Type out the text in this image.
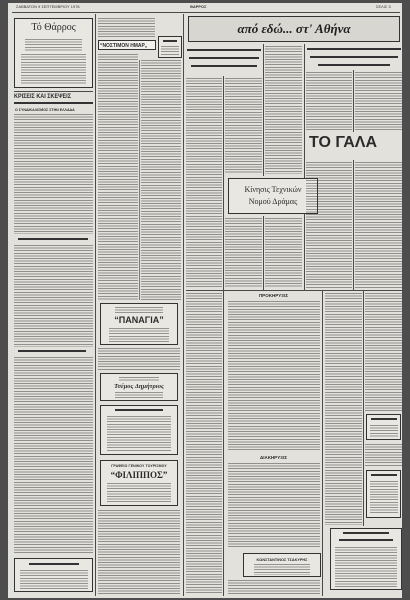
ΣΑΒΒΑΤΟΝ 9 ΣΕΠΤΕΜΒΡΙΟΥ 1978	ΘΑΡΡΟΣ	ΣΕΛΙΣ 3
Τό Θάρρος
ΚΡΙΣΕΙΣ ΚΑΙ ΣΚΕΨΕΙΣ
Ο ΣΥΝΔΙΚΑΛΙΣΜΟΣ ΣΤΗΝ ΕΛΛΑΔΑ
“ΝΟΣΤΙΜΟΝ ΗΜΑΡ„
“ΠΑΝΑΓΙΑ”
Τσέμος Δημήτριος
ΓΡΑΦΕΙΟ ΓΕΝΙΚΟΥ ΤΟΥΡΙΣΜΟΥ
“ΦΙΛΙΠΠΟΣ”
από εδώ... στ' Αθήνα
Κίνησις Τεχνικών
Νομού Δράμας
ΤΟ ΓΑΛΑ
ΠΡΟΚΗΡΥΞΙΣ
ΔΙΑΚΗΡΥΞΙΣ
ΚΩΝΣΤΑΝΤΙΝΟΣ ΤΣΑΚΥΡΗΣ
